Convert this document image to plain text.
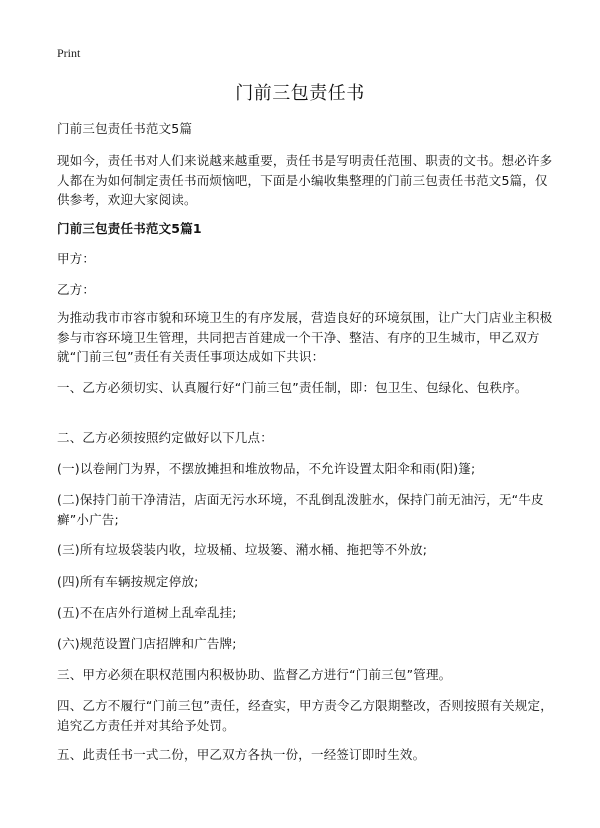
Print
门前三包责任书

门前三包责任书范文5篇

现如今，责任书对人们来说越来越重要，责任书是写明责任范围、职责的文书。想必许多人都在为如何制定责任书而烦恼吧，下面是小编收集整理的门前三包责任书范文5篇，仅供参考，欢迎大家阅读。

门前三包责任书范文5篇1

甲方：

乙方：

为推动我市市容市貌和环境卫生的有序发展，营造良好的环境氛围，让广大门店业主积极参与市容环境卫生管理，共同把吉首建成一个干净、整洁、有序的卫生城市，甲乙双方就“门前三包”责任有关责任事项达成如下共识：

一、乙方必须切实、认真履行好“门前三包”责任制，即：包卫生、包绿化、包秩序。

二、乙方必须按照约定做好以下几点：

(一)以卷闸门为界，不摆放摊担和堆放物品，不允许设置太阳伞和雨(阳)篷;

(二)保持门前干净清洁，店面无污水环境，不乱倒乱泼脏水，保持门前无油污，无“牛皮癣”小广告;

(三)所有垃圾袋装内收，垃圾桶、垃圾篓、潲水桶、拖把等不外放;

(四)所有车辆按规定停放;

(五)不在店外行道树上乱牵乱挂;

(六)规范设置门店招牌和广告牌;

三、甲方必须在职权范围内积极协助、监督乙方进行“门前三包”管理。

四、乙方不履行“门前三包”责任，经查实，甲方责令乙方限期整改，否则按照有关规定，追究乙方责任并对其给予处罚。

五、此责任书一式二份，甲乙双方各执一份，一经签订即时生效。
